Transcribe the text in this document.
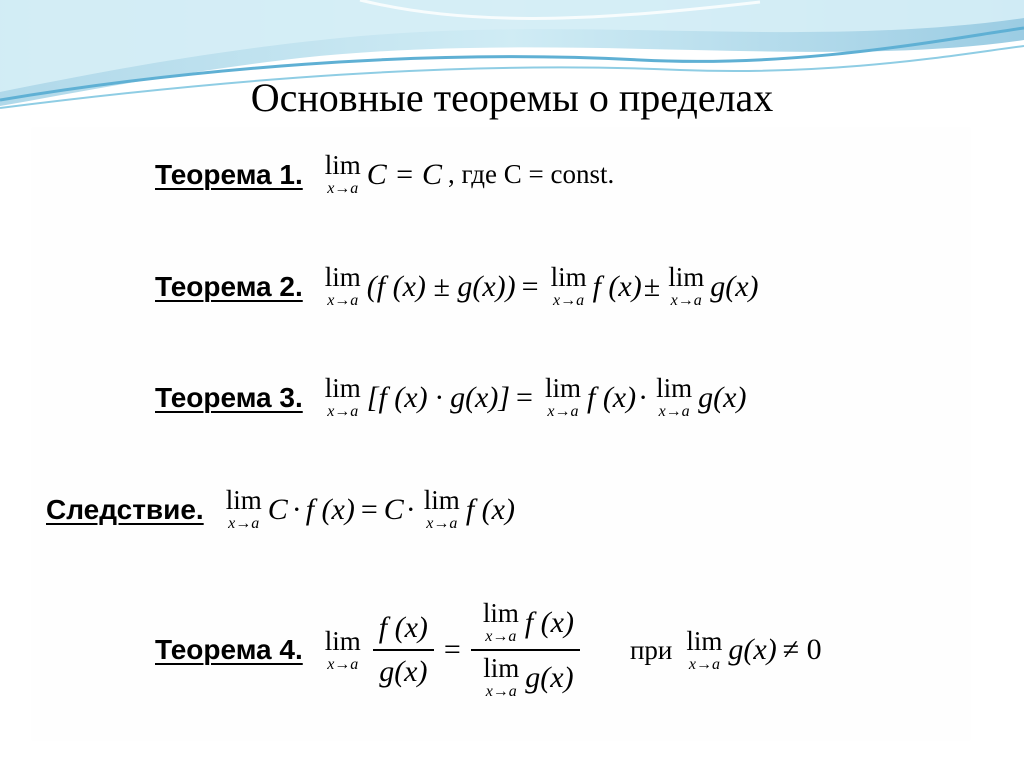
Основные теоремы о пределах
Теорема 1. lim
x→a C = C , где С = const.
Теорема 2. lim
x→a (f (x) ± g(x)) = lim
x→a f (x) ± lim
x→a g(x)
Теорема 3. lim
x→a [f (x) · g(x)] = lim
x→a f (x) · lim
x→a g(x)
Следствие. lim
x→a C · f (x) = C · lim
x→a f (x)
Теорема 4. lim
$x\to a \frac{f (x)}{g(x)} = \lim$
x→a f (x)
lim
x→a g(x) при lim
x→a g(x) ≠ 0
